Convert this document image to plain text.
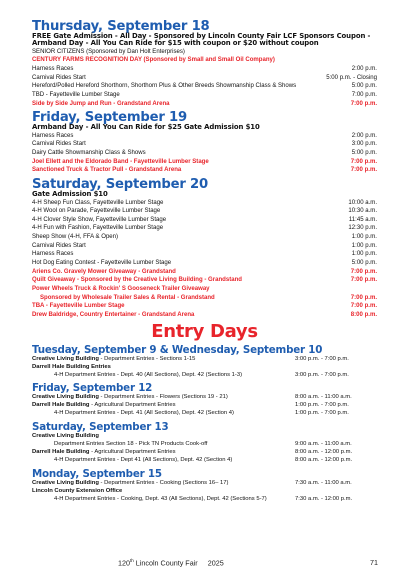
Thursday, September 18
FREE Gate Admission - All Day - Sponsored by Lincoln County Fair LCF Sponsors Coupon - Armband Day - All You Can Ride for $15 with coupon or $20 without coupon
SENIOR CITIZENS (Sponsored by Dan Holt Enterprises)
CENTURY FARMS RECOGNITION DAY (Sponsored by Small and Small Oil Company)
Harness Races	2:00 p.m.
Carnival Rides Start	5:00 p.m. - Closing
Hereford/Polled Hereford Shorthorn, Shorthorn Plus & Other Breeds Showmanship Class & Shows	5:00 p.m.
TBD - Fayetteville Lumber Stage	7:00 p.m.
Side by Side Jump and Run - Grandstand Arena	7:00 p.m.
Friday, September 19
Armband Day - All You Can Ride for $25 Gate Admission $10
Harness Races	2:00 p.m.
Carnival Rides Start	3:00 p.m.
Dairy Cattle Showmanship Class & Shows	5:00 p.m.
Joel Ellett and the Eldorado Band - Fayetteville Lumber Stage	7:00 p.m.
Sanctioned Truck & Tractor Pull - Grandstand Arena	7:00 p.m.
Saturday, September 20
Gate Admission $10
4-H Sheep Fun Class, Fayetteville Lumber Stage	10:00 a.m.
4-H Wool on Parade, Fayetteville Lumber Stage	10:30 a.m.
4-H Clover Style Show, Fayetteville Lumber Stage	11:45 a.m.
4-H Fun with Fashion, Fayetteville Lumber Stage	12:30 p.m.
Sheep Show (4-H, FFA & Open)	1:00 p.m.
Carnival Rides Start	1:00 p.m.
Harness Races	1:00 p.m.
Hot Dog Eating Contest - Fayetteville Lumber Stage	5:00 p.m.
Ariens Co. Gravely Mower Giveaway - Grandstand	7:00 p.m.
Quilt Giveaway - Sponsored by the Creative Living Building - Grandstand	7:00 p.m.
Power Wheels Truck & Rockin' S Gooseneck Trailer Giveaway
Sponsored by Wholesale Trailer Sales & Rental - Grandstand	7:00 p.m.
TBA - Fayetteville Lumber Stage	7:00 p.m.
Drew Baldridge, Country Entertainer - Grandstand Arena	8:00 p.m.
Entry Days
Tuesday, September 9 & Wednesday, September 10
Creative Living Building - Department Entries - Sections 1-15	3:00 p.m. - 7:00 p.m.
Darrell Hale Building Entries
4-H Department Entries - Dept. 40 (All Sections), Dept. 42 (Sections 1-3)	3:00 p.m. - 7:00 p.m.
Friday, September 12
Creative Living Building - Department Entries - Flowers (Sections 19 - 21)	8:00 a.m. - 11:00 a.m.
Darrell Hale Building - Agricultural Department Entries	1:00 p.m. - 7:00 p.m.
4-H Department Entries - Dept. 41 (All Sections), Dept. 42 (Section 4)	1:00 p.m. - 7:00 p.m.
Saturday, September 13
Creative Living Building
Department Entries Section 18 - Pick TN Products Cook-off	9:00 a.m. - 11:00 a.m.
Darrell Hale Building - Agricultural Department Entries	8:00 a.m. - 12:00 p.m.
4-H Department Entries - Dept 41 (All Sections), Dept. 42 (Section 4)	8:00 a.m. - 12:00 p.m.
Monday, September 15
Creative Living Building - Department Entries - Cooking (Sections 16– 17)	7:30 a.m. - 11:00 a.m.
Lincoln County Extension Office
4-H Department Entries - Cooking, Dept. 43 (All Sections), Dept. 42 (Sections 5-7)	7:30 a.m. - 12:00 p.m.
120th Lincoln County Fair 2025	71
